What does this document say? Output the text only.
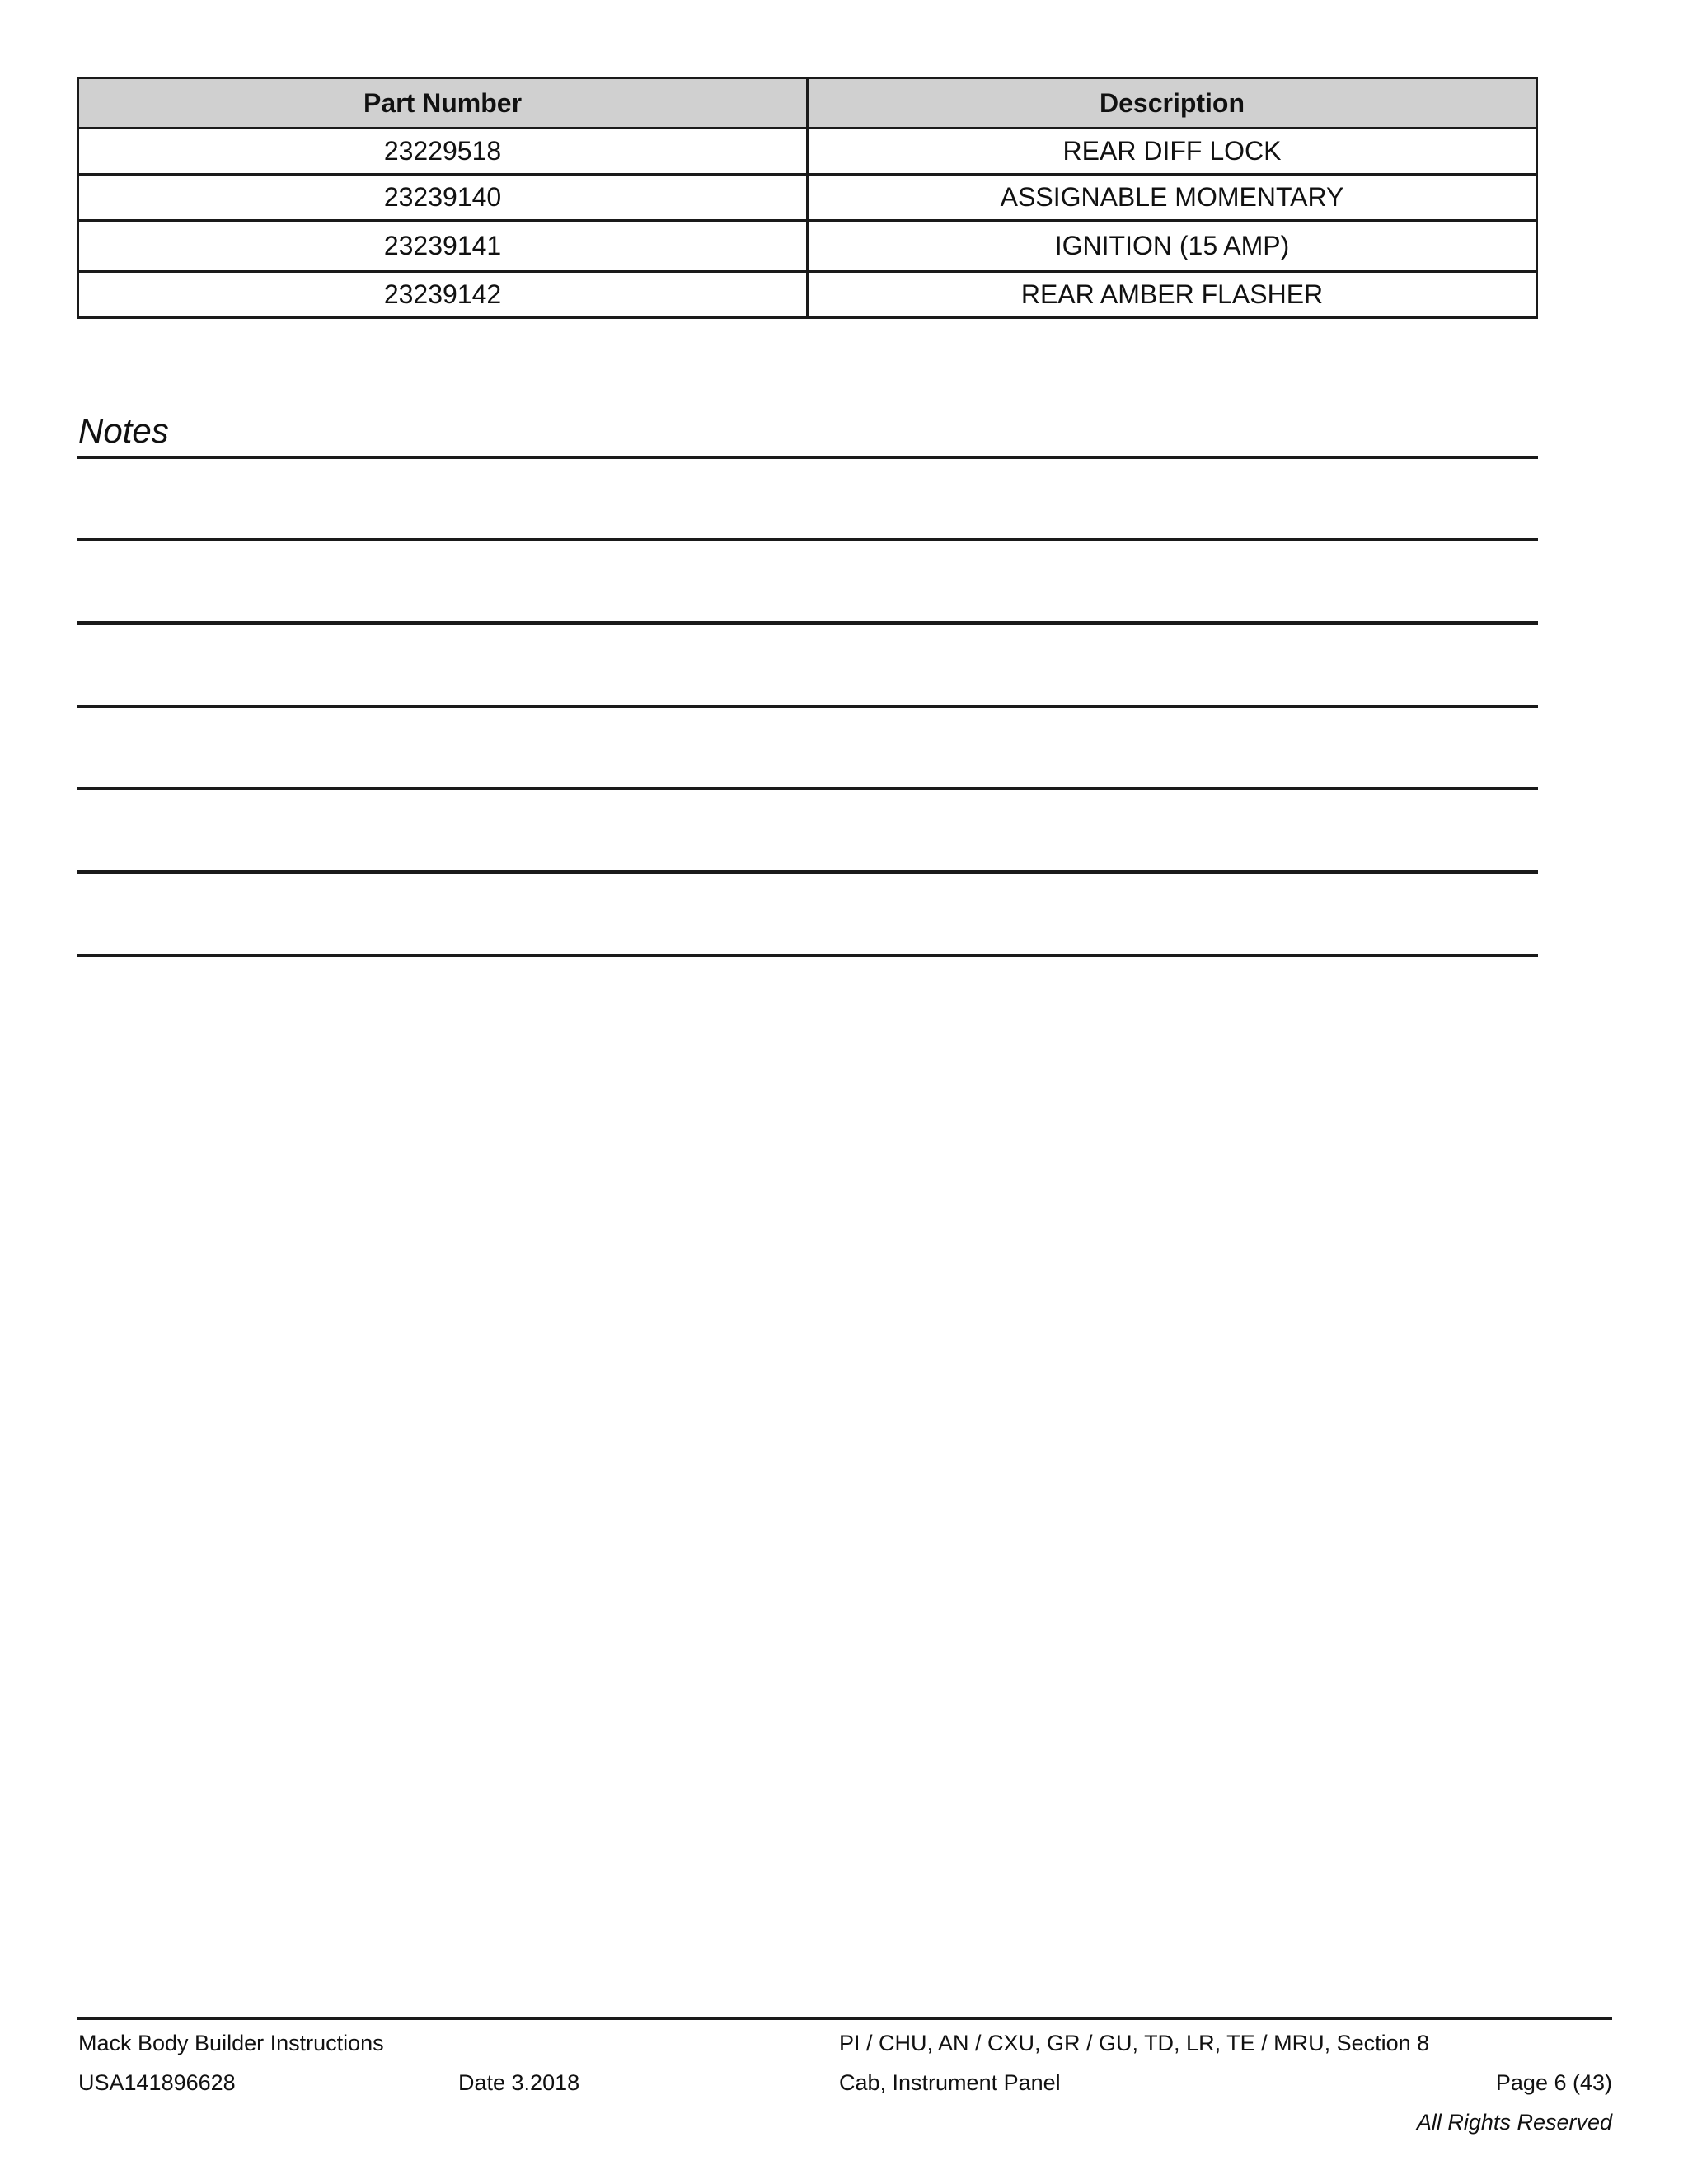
Part Number	Description
23229518	REAR DIFF LOCK
23239140	ASSIGNABLE MOMENTARY
23239141	IGNITION (15 AMP)
23239142	REAR AMBER FLASHER
Notes

Mack Body Builder Instructions	PI / CHU, AN / CXU, GR / GU, TD, LR, TE / MRU, Section 8

USA141896628	Date 3.2018	Cab, Instrument Panel	Page 6 (43)

All Rights Reserved
